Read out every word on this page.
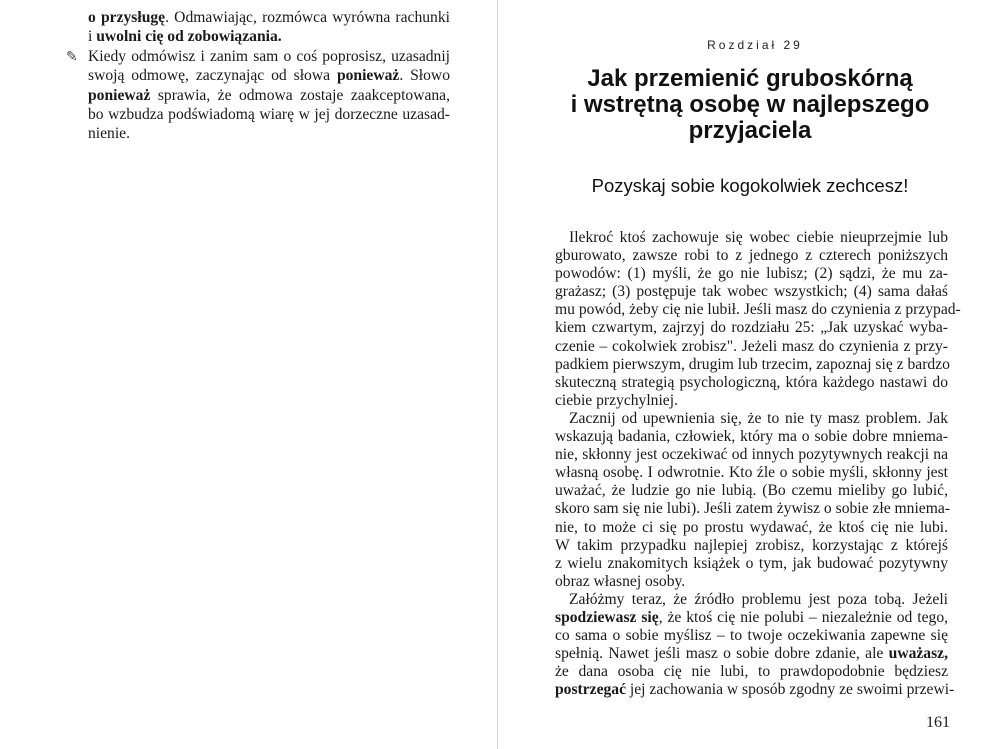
✎
o przysługę. Odmawiając, rozmówca wyrówna rachunki
i uwolni cię od zobowiązania.
Kiedy odmówisz i zanim sam o coś poprosisz, uzasadnij
swoją odmowę, zaczynając od słowa ponieważ. Słowo
ponieważ sprawia, że odmowa zostaje zaakceptowana,
bo wzbudza podświadomą wiarę w jej dorzeczne uzasad-
nienie.
Rozdział 29
Jak przemienić gruboskórną
i wstrętną osobę w najlepszego
przyjaciela
Pozyskaj sobie kogokolwiek zechcesz!
Ilekroć ktoś zachowuje się wobec ciebie nieuprzejmie lub
gburowato, zawsze robi to z jednego z czterech poniższych
powodów: (1) myśli, że go nie lubisz; (2) sądzi, że mu za-
grażasz; (3) postępuje tak wobec wszystkich; (4) sama dałaś
mu powód, żeby cię nie lubił. Jeśli masz do czynienia z przypad-
kiem czwartym, zajrzyj do rozdziału 25: „Jak uzyskać wyba-
czenie – cokolwiek zrobisz". Jeżeli masz do czynienia z przy-
padkiem pierwszym, drugim lub trzecim, zapoznaj się z bardzo
skuteczną strategią psychologiczną, która każdego nastawi do
ciebie przychylniej.
Zacznij od upewnienia się, że to nie ty masz problem. Jak
wskazują badania, człowiek, który ma o sobie dobre mniema-
nie, skłonny jest oczekiwać od innych pozytywnych reakcji na
własną osobę. I odwrotnie. Kto źle o sobie myśli, skłonny jest
uważać, że ludzie go nie lubią. (Bo czemu mieliby go lubić,
skoro sam się nie lubi). Jeśli zatem żywisz o sobie złe mniema-
nie, to może ci się po prostu wydawać, że ktoś cię nie lubi.
W takim przypadku najlepiej zrobisz, korzystając z którejś
z wielu znakomitych książek o tym, jak budować pozytywny
obraz własnej osoby.
Załóżmy teraz, że źródło problemu jest poza tobą. Jeżeli
spodziewasz się, że ktoś cię nie polubi – niezależnie od tego,
co sama o sobie myślisz – to twoje oczekiwania zapewne się
spełnią. Nawet jeśli masz o sobie dobre zdanie, ale uważasz,
że dana osoba cię nie lubi, to prawdopodobnie będziesz
postrzegać jej zachowania w sposób zgodny ze swoimi przewi-
161
